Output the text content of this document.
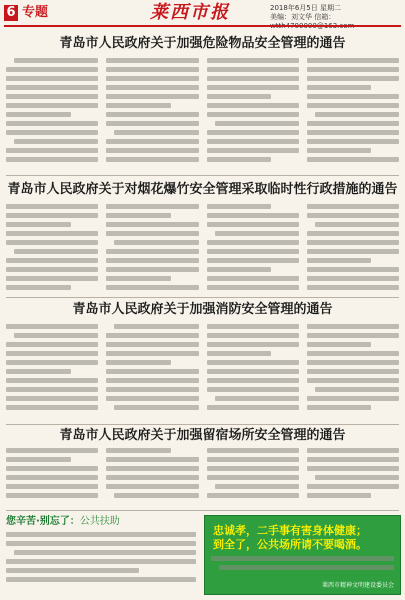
6 专题	莱西市报	2018年6月5日 星期二
美编：刘文华 信箱：
青岛市人民政府关于加强危险物品安全管理的通告
青岛市人民政府关于对烟花爆竹安全管理采取临时性行政措施的通告
青岛市人民政府关于加强消防安全管理的通告
青岛市人民政府关于加强留宿场所安全管理的通告
您辛苦·别忘了：公共扶助
忠诚孝，二手事有害身体健康；
到全了，公共场所请不要喝酒。
莱西市精神文明建设委员会
